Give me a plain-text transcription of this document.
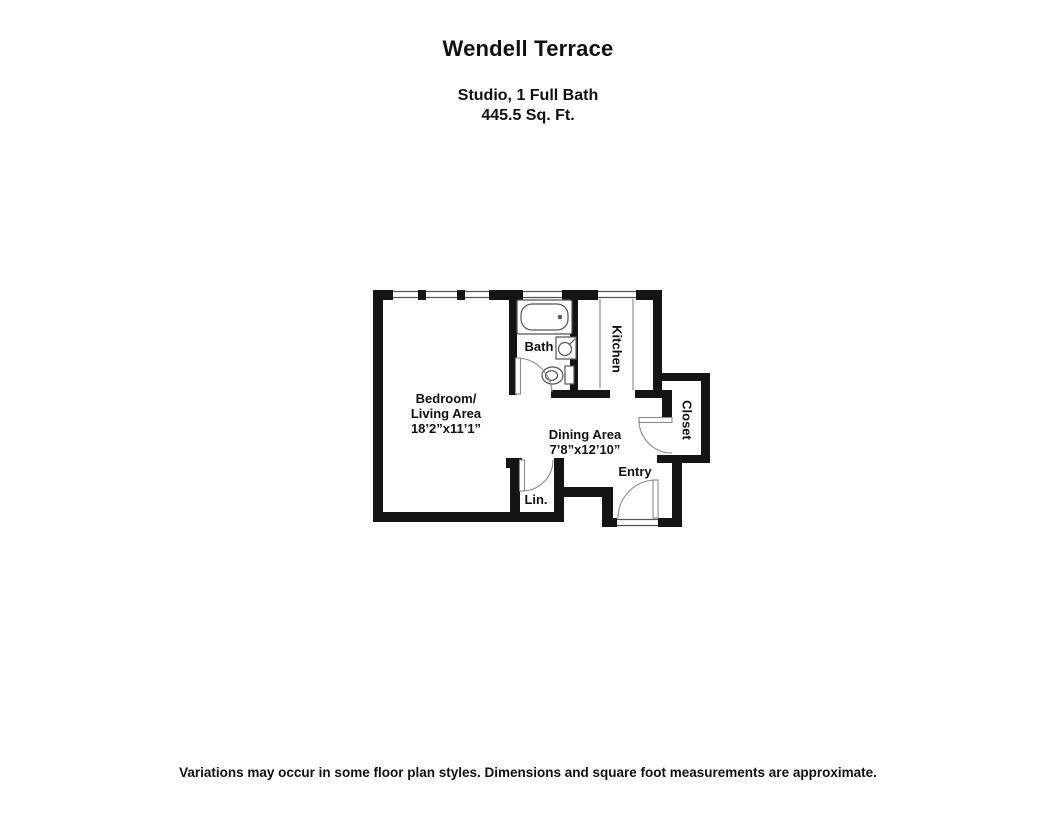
Wendell Terrace
Studio, 1 Full Bath
445.5 Sq. Ft.
Bedroom/
Living Area
18’2”x11’1”
Bath	Kitchen
Dining Area
7’8”x12’10”
Closet
Entry
Lin.
Variations may occur in some floor plan styles. Dimensions and square foot measurements are approximate.
